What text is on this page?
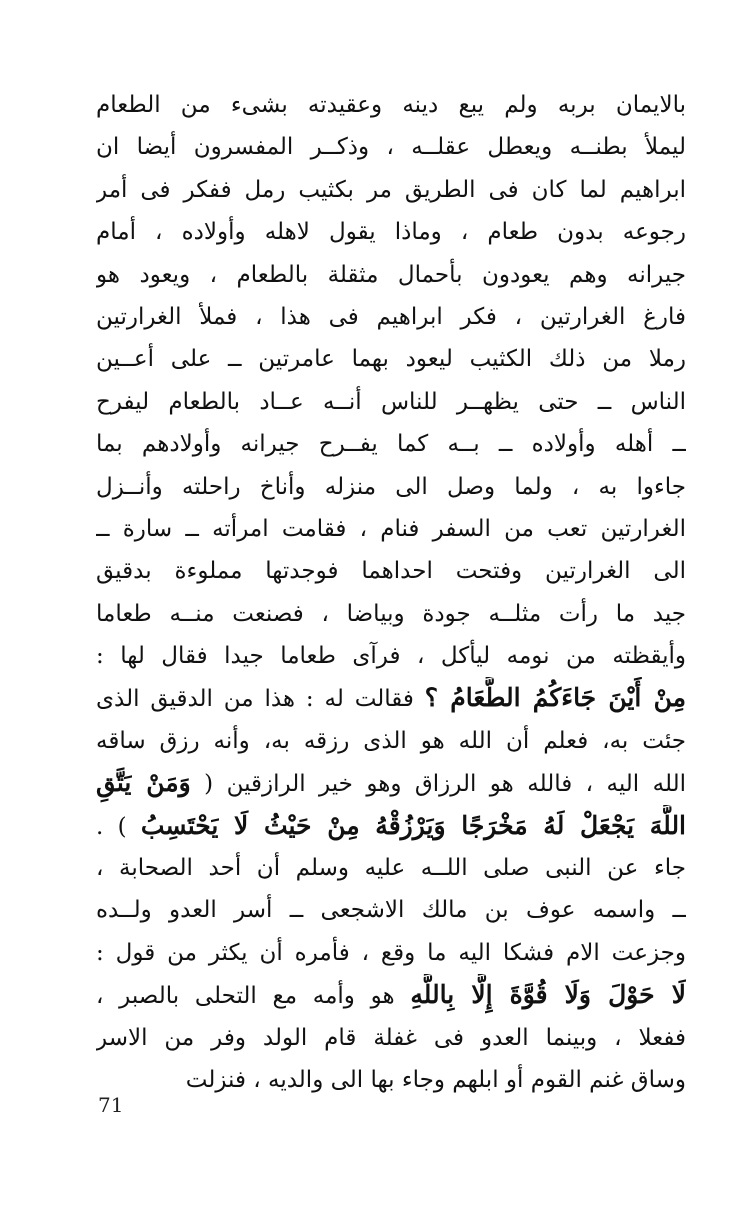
بالايمان بربه ولم يبع دينه وعقيدته بشىء من الطعام
ليملأ بطنــه ويعطل عقلــه ، وذكــر المفسرون أيضا ان
ابراهيم لما كان فى الطريق مر بكثيب رمل ففكر فى أمر
رجوعه بدون طعام ، وماذا يقول لاهله وأولاده ، أمام
جيرانه وهم يعودون بأحمال مثقلة بالطعام ، ويعود هو
فارغ الغرارتين ، فكر ابراهيم فى هذا ، فملأ الغرارتين
رملا من ذلك الكثيب ليعود بهما عامرتين ــ على أعــين
الناس ــ حتى يظهــر للناس أنــه عــاد بالطعام ليفرح
ــ أهله وأولاده ــ بــه كما يفــرح جيرانه وأولادهم بما
جاءوا به ، ولما وصل الى منزله وأناخ راحلته وأنــزل
الغرارتين تعب من السفر فنام ، فقامت امرأته ــ سارة ــ
الى الغرارتين وفتحت احداهما فوجدتها مملوءة بدقيق
جيد ما رأت مثلــه جودة وبياضا ، فصنعت منــه طعاما
وأيقظته من نومه ليأكل ، فرآى طعاما جيدا فقال لها :
مِنْ أَيْنَ جَاءَكُمُ الطَّعَامُ ؟ فقالت له : هذا من الدقيق الذى
جئت به، فعلم أن الله هو الذى رزقه به، وأنه رزق ساقه
الله اليه ، فالله هو الرزاق وهو خير الرازقين ( وَمَنْ يَتَّقِ
اللَّهَ يَجْعَلْ لَهُ مَخْرَجًا وَيَرْزُقْهُ مِنْ حَيْثُ لَا يَحْتَسِبُ ) .
جاء عن النبى صلى اللــه عليه وسلم أن أحد الصحابة ،
ــ واسمه عوف بن مالك الاشجعى ــ أسر العدو ولــده
وجزعت الام فشكا اليه ما وقع ، فأمره أن يكثر من قول :
لَا حَوْلَ وَلَا قُوَّةَ إِلَّا بِاللَّهِ هو وأمه مع التحلى بالصبر ،
ففعلا ، وبينما العدو فى غفلة قام الولد وفر من الاسر
وساق غنم القوم أو ابلهم وجاء بها الى والديه ، فنزلت
71
